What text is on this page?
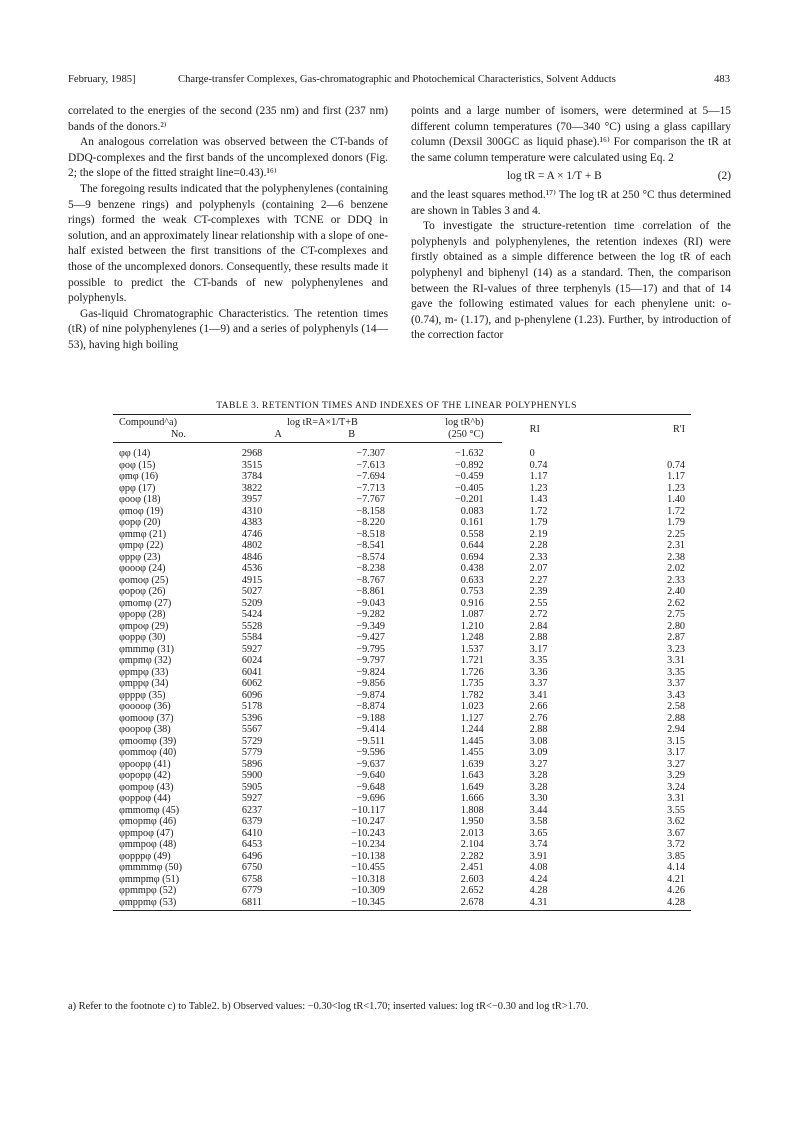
February, 1985]	Charge-transfer Complexes, Gas-chromatographic and Photochemical Characteristics, Solvent Adducts	483

correlated to the energies of the second (235 nm) and first (237 nm) bands of the donors.²⁾

An analogous correlation was observed between the CT-bands of DDQ-complexes and the first bands of the uncomplexed donors (Fig. 2; the slope of the fitted straight line=0.43).¹⁶⁾

The foregoing results indicated that the polyphenylenes (containing 5—9 benzene rings) and polyphenyls (containing 2—6 benzene rings) formed the weak CT-complexes with TCNE or DDQ in solution, and an approximately linear relationship with a slope of one-half existed between the first transitions of the CT-complexes and those of the uncomplexed donors. Consequently, these results made it possible to predict the CT-bands of new polyphenylenes and polyphenyls.

Gas-liquid Chromatographic Characteristics. The retention times (tR) of nine polyphenylenes (1—9) and a series of polyphenyls (14—53), having high boiling

points and a large number of isomers, were determined at 5—15 different column temperatures (70—340 °C) using a glass capillary column (Dexsil 300GC as liquid phase).¹⁶⁾ For comparison the tR at the same column temperature were calculated using Eq. 2

log tR = A × 1/T + B	(2)

and the least squares method.¹⁷⁾ The log tR at 250 °C thus determined are shown in Tables 3 and 4.

To investigate the structure-retention time correlation of the polyphenyls and polyphenylenes, the retention indexes (RI) were firstly obtained as a simple difference between the log tR of each polyphenyl and biphenyl (14) as a standard. Then, the comparison between the RI-values of three terphenyls (15—17) and that of 14 gave the following estimated values for each phenylene unit: o- (0.74), m- (1.17), and p-phenylene (1.23). Further, by introduction of the correction factor

TABLE 3. RETENTION TIMES AND INDEXES OF THE LINEAR POLYPHENYLS
Compound^a)	log tR=A×1/T+B		log tR^b)	RI	R'I
No.	A	B	(250 °C)		
φφ (14)	2968	−7.307	−1.632	0	
φoφ (15)	3515	−7.613	−0.892	0.74	0.74
φmφ (16)	3784	−7.694	−0.459	1.17	1.17
φpφ (17)	3822	−7.713	−0.405	1.23	1.23
φooφ (18)	3957	−7.767	−0.201	1.43	1.40
φmoφ (19)	4310	−8.158	0.083	1.72	1.72
φopφ (20)	4383	−8.220	0.161	1.79	1.79
φmmφ (21)	4746	−8.518	0.558	2.19	2.25
φmpφ (22)	4802	−8.541	0.644	2.28	2.31
φppφ (23)	4846	−8.574	0.694	2.33	2.38
φoooφ (24)	4536	−8.238	0.438	2.07	2.02
φomoφ (25)	4915	−8.767	0.633	2.27	2.33
φopoφ (26)	5027	−8.861	0.753	2.39	2.40
φmomφ (27)	5209	−9.043	0.916	2.55	2.62
φpopφ (28)	5424	−9.282	1.087	2.72	2.75
φmpoφ (29)	5528	−9.349	1.210	2.84	2.80
φoppφ (30)	5584	−9.427	1.248	2.88	2.87
φmmmφ (31)	5927	−9.795	1.537	3.17	3.23
φmpmφ (32)	6024	−9.797	1.721	3.35	3.31
φpmpφ (33)	6041	−9.824	1.726	3.36	3.35
φmppφ (34)	6062	−9.856	1.735	3.37	3.37
φpppφ (35)	6096	−9.874	1.782	3.41	3.43
φooooφ (36)	5178	−8.874	1.023	2.66	2.58
φomooφ (37)	5396	−9.188	1.127	2.76	2.88
φoopoφ (38)	5567	−9.414	1.244	2.88	2.94
φmoomφ (39)	5729	−9.511	1.445	3.08	3.15
φommoφ (40)	5779	−9.596	1.455	3.09	3.17
φpoopφ (41)	5896	−9.637	1.639	3.27	3.27
φopopφ (42)	5900	−9.640	1.643	3.28	3.29
φompoφ (43)	5905	−9.648	1.649	3.28	3.24
φoppoφ (44)	5927	−9.696	1.666	3.30	3.31
φmmomφ (45)	6237	−10.117	1.808	3.44	3.55
φmopmφ (46)	6379	−10.247	1.950	3.58	3.62
φpmpoφ (47)	6410	−10.243	2.013	3.65	3.67
φmmpoφ (48)	6453	−10.234	2.104	3.74	3.72
φopppφ (49)	6496	−10.138	2.282	3.91	3.85
φmmmmφ (50)	6750	−10.455	2.451	4.08	4.14
φmmpmφ (51)	6758	−10.318	2.603	4.24	4.21
φpmmpφ (52)	6779	−10.309	2.652	4.28	4.26
φmppmφ (53)	6811	−10.345	2.678	4.31	4.28
a) Refer to the footnote c) to Table2. b) Observed values: −0.30<log tR<1.70; inserted values: log tR<−0.30 and log tR>1.70.
